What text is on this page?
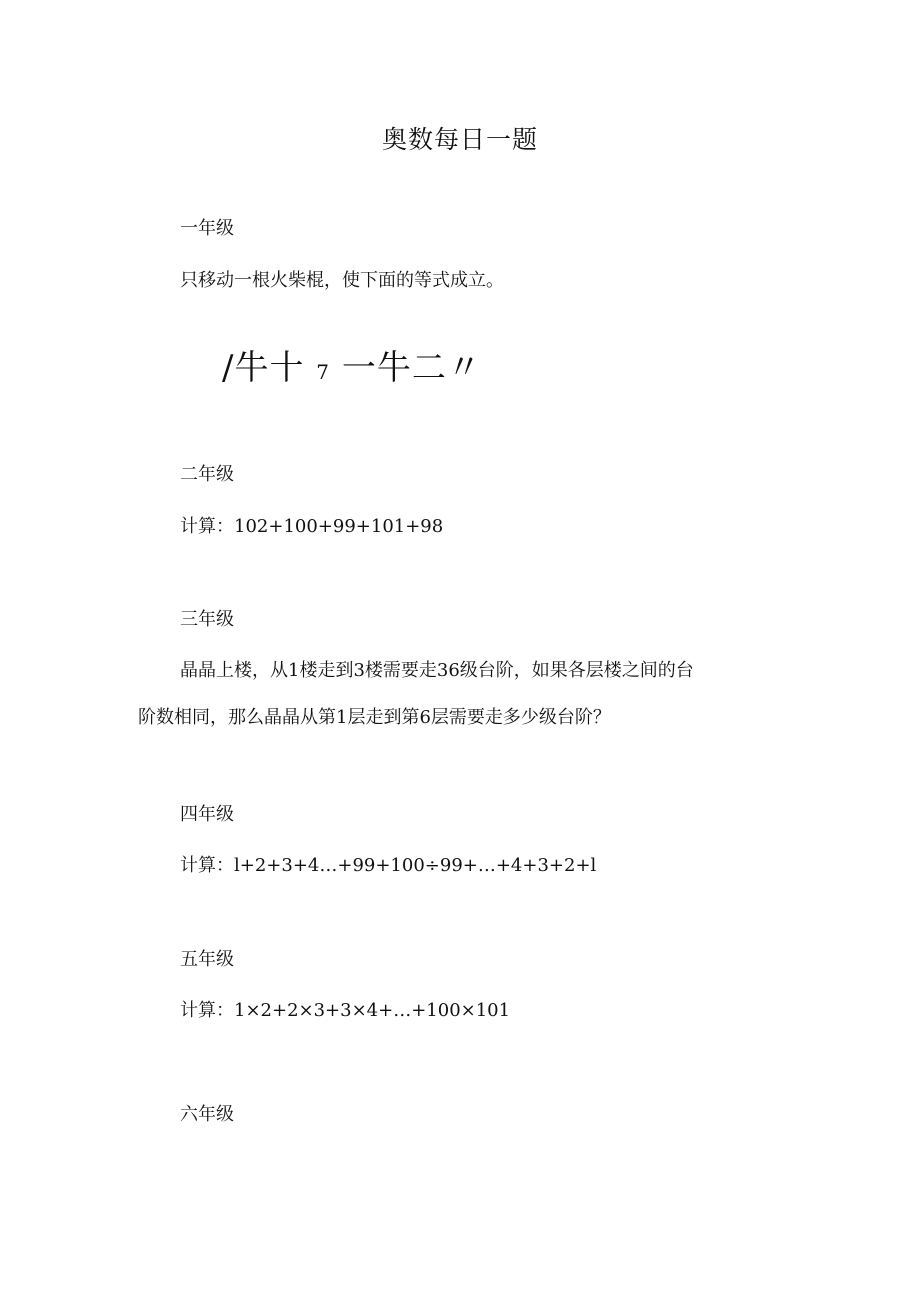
奥数每日一题
一年级
只移动一根火柴棍，使下面的等式成立。
/牛十 7 一牛二〃
二年级
计算：102+100+99+101+98
三年级
晶晶上楼，从1楼走到3楼需要走36级台阶，如果各层楼之间的台
阶数相同，那么晶晶从第1层走到第6层需要走多少级台阶？
四年级
计算：l+2+3+4…+99+100÷99+…+4+3+2+l
五年级
计算：1×2+2×3+3×4+…+100×101
六年级
